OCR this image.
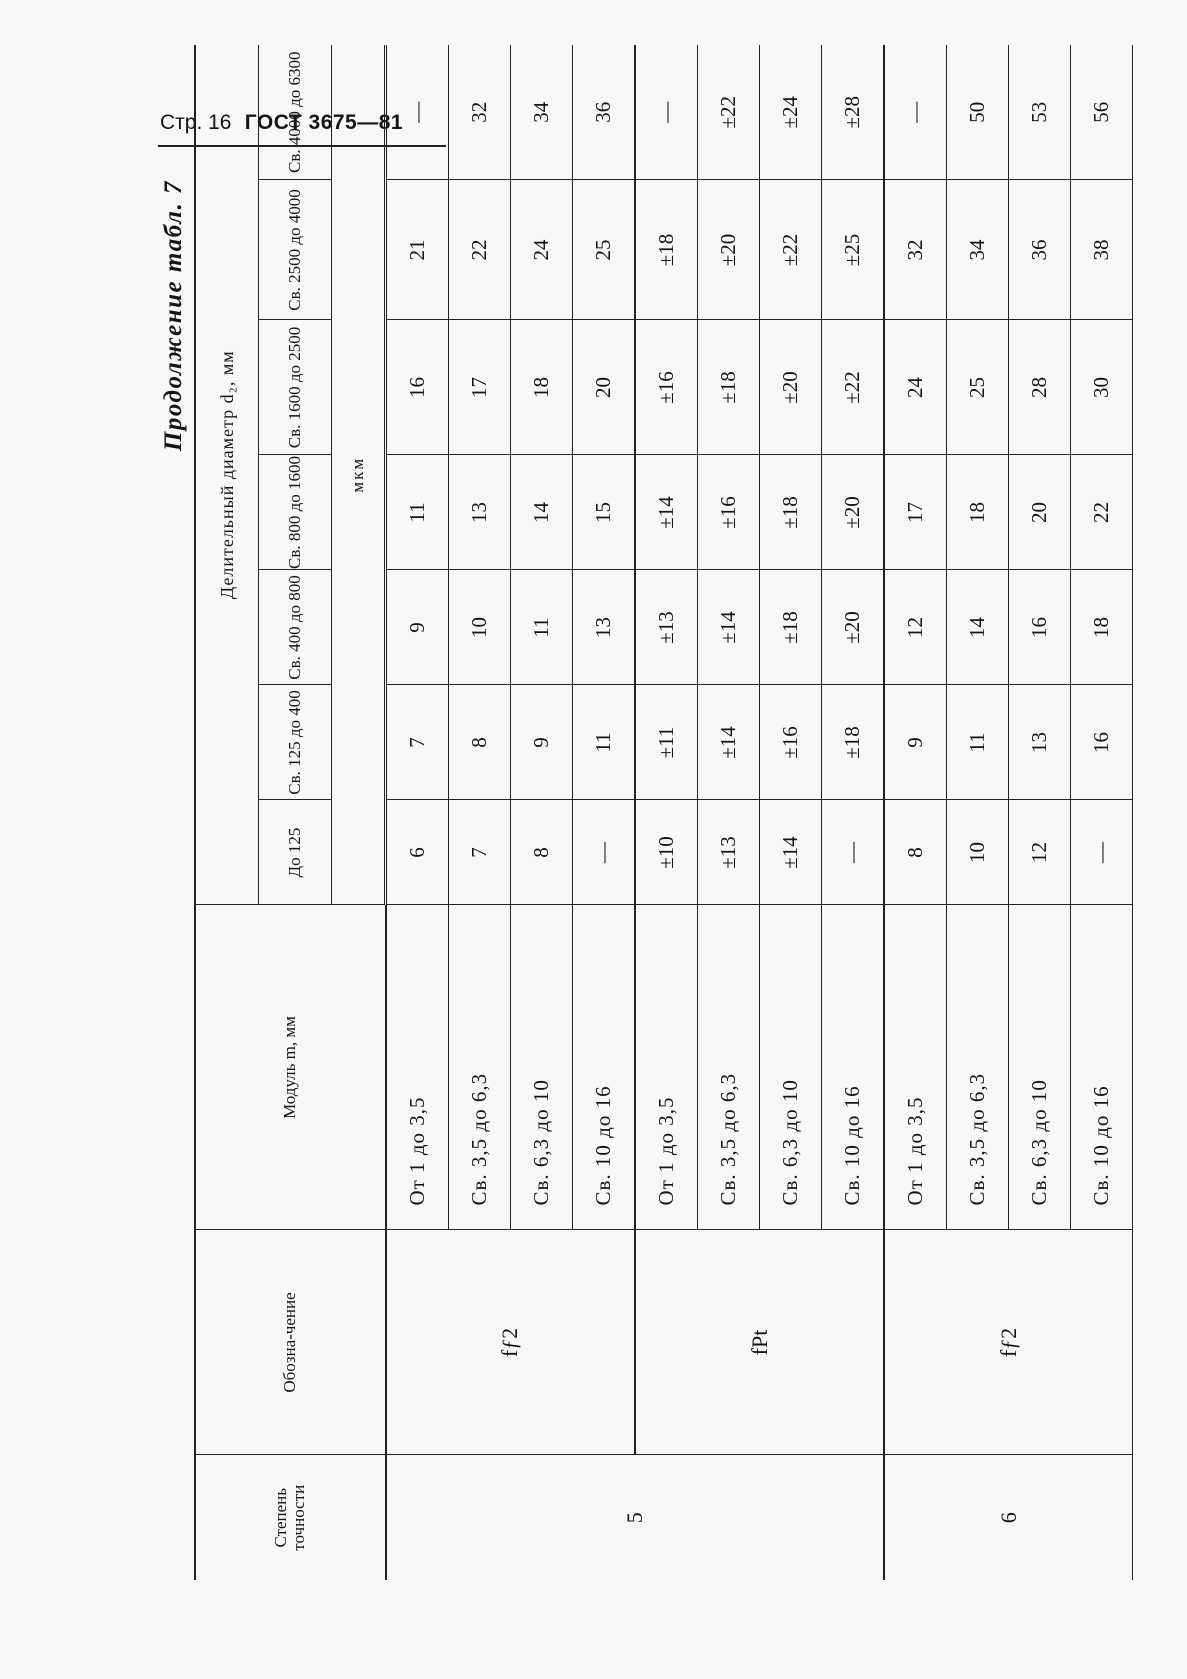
Стр. 16 ГОСТ 3675—81
Продолжение табл. 7
Степень точности	Обозна-чение	Модуль m, мм	Делительный диаметр d₂, мм						
			До 125	Св. 125 до 400	Св. 400 до 800	Св. 800 до 1600	Св. 1600 до 2500	Св. 2500 до 4000	Св. 4000 до 6300
			мкм						
5	fƒ2	От 1 до 3,5	6	7	9	11	16	21	—
		Св. 3,5 до 6,3	7	8	10	13	17	22	32
		Св. 6,3 до 10	8	9	11	14	18	24	34
		Св. 10 до 16	—	11	13	15	20	25	36
	fPt	От 1 до 3,5	±10	±11	±13	±14	±16	±18	—
		Св. 3,5 до 6,3	±13	±14	±14	±16	±18	±20	±22
		Св. 6,3 до 10	±14	±16	±18	±18	±20	±22	±24
		Св. 10 до 16	—	±18	±20	±20	±22	±25	±28
6	fƒ2	От 1 до 3,5	8	9	12	17	24	32	—
		Св. 3,5 до 6,3	10	11	14	18	25	34	50
		Св. 6,3 до 10	12	13	16	20	28	36	53
		Св. 10 до 16	—	16	18	22	30	38	56
